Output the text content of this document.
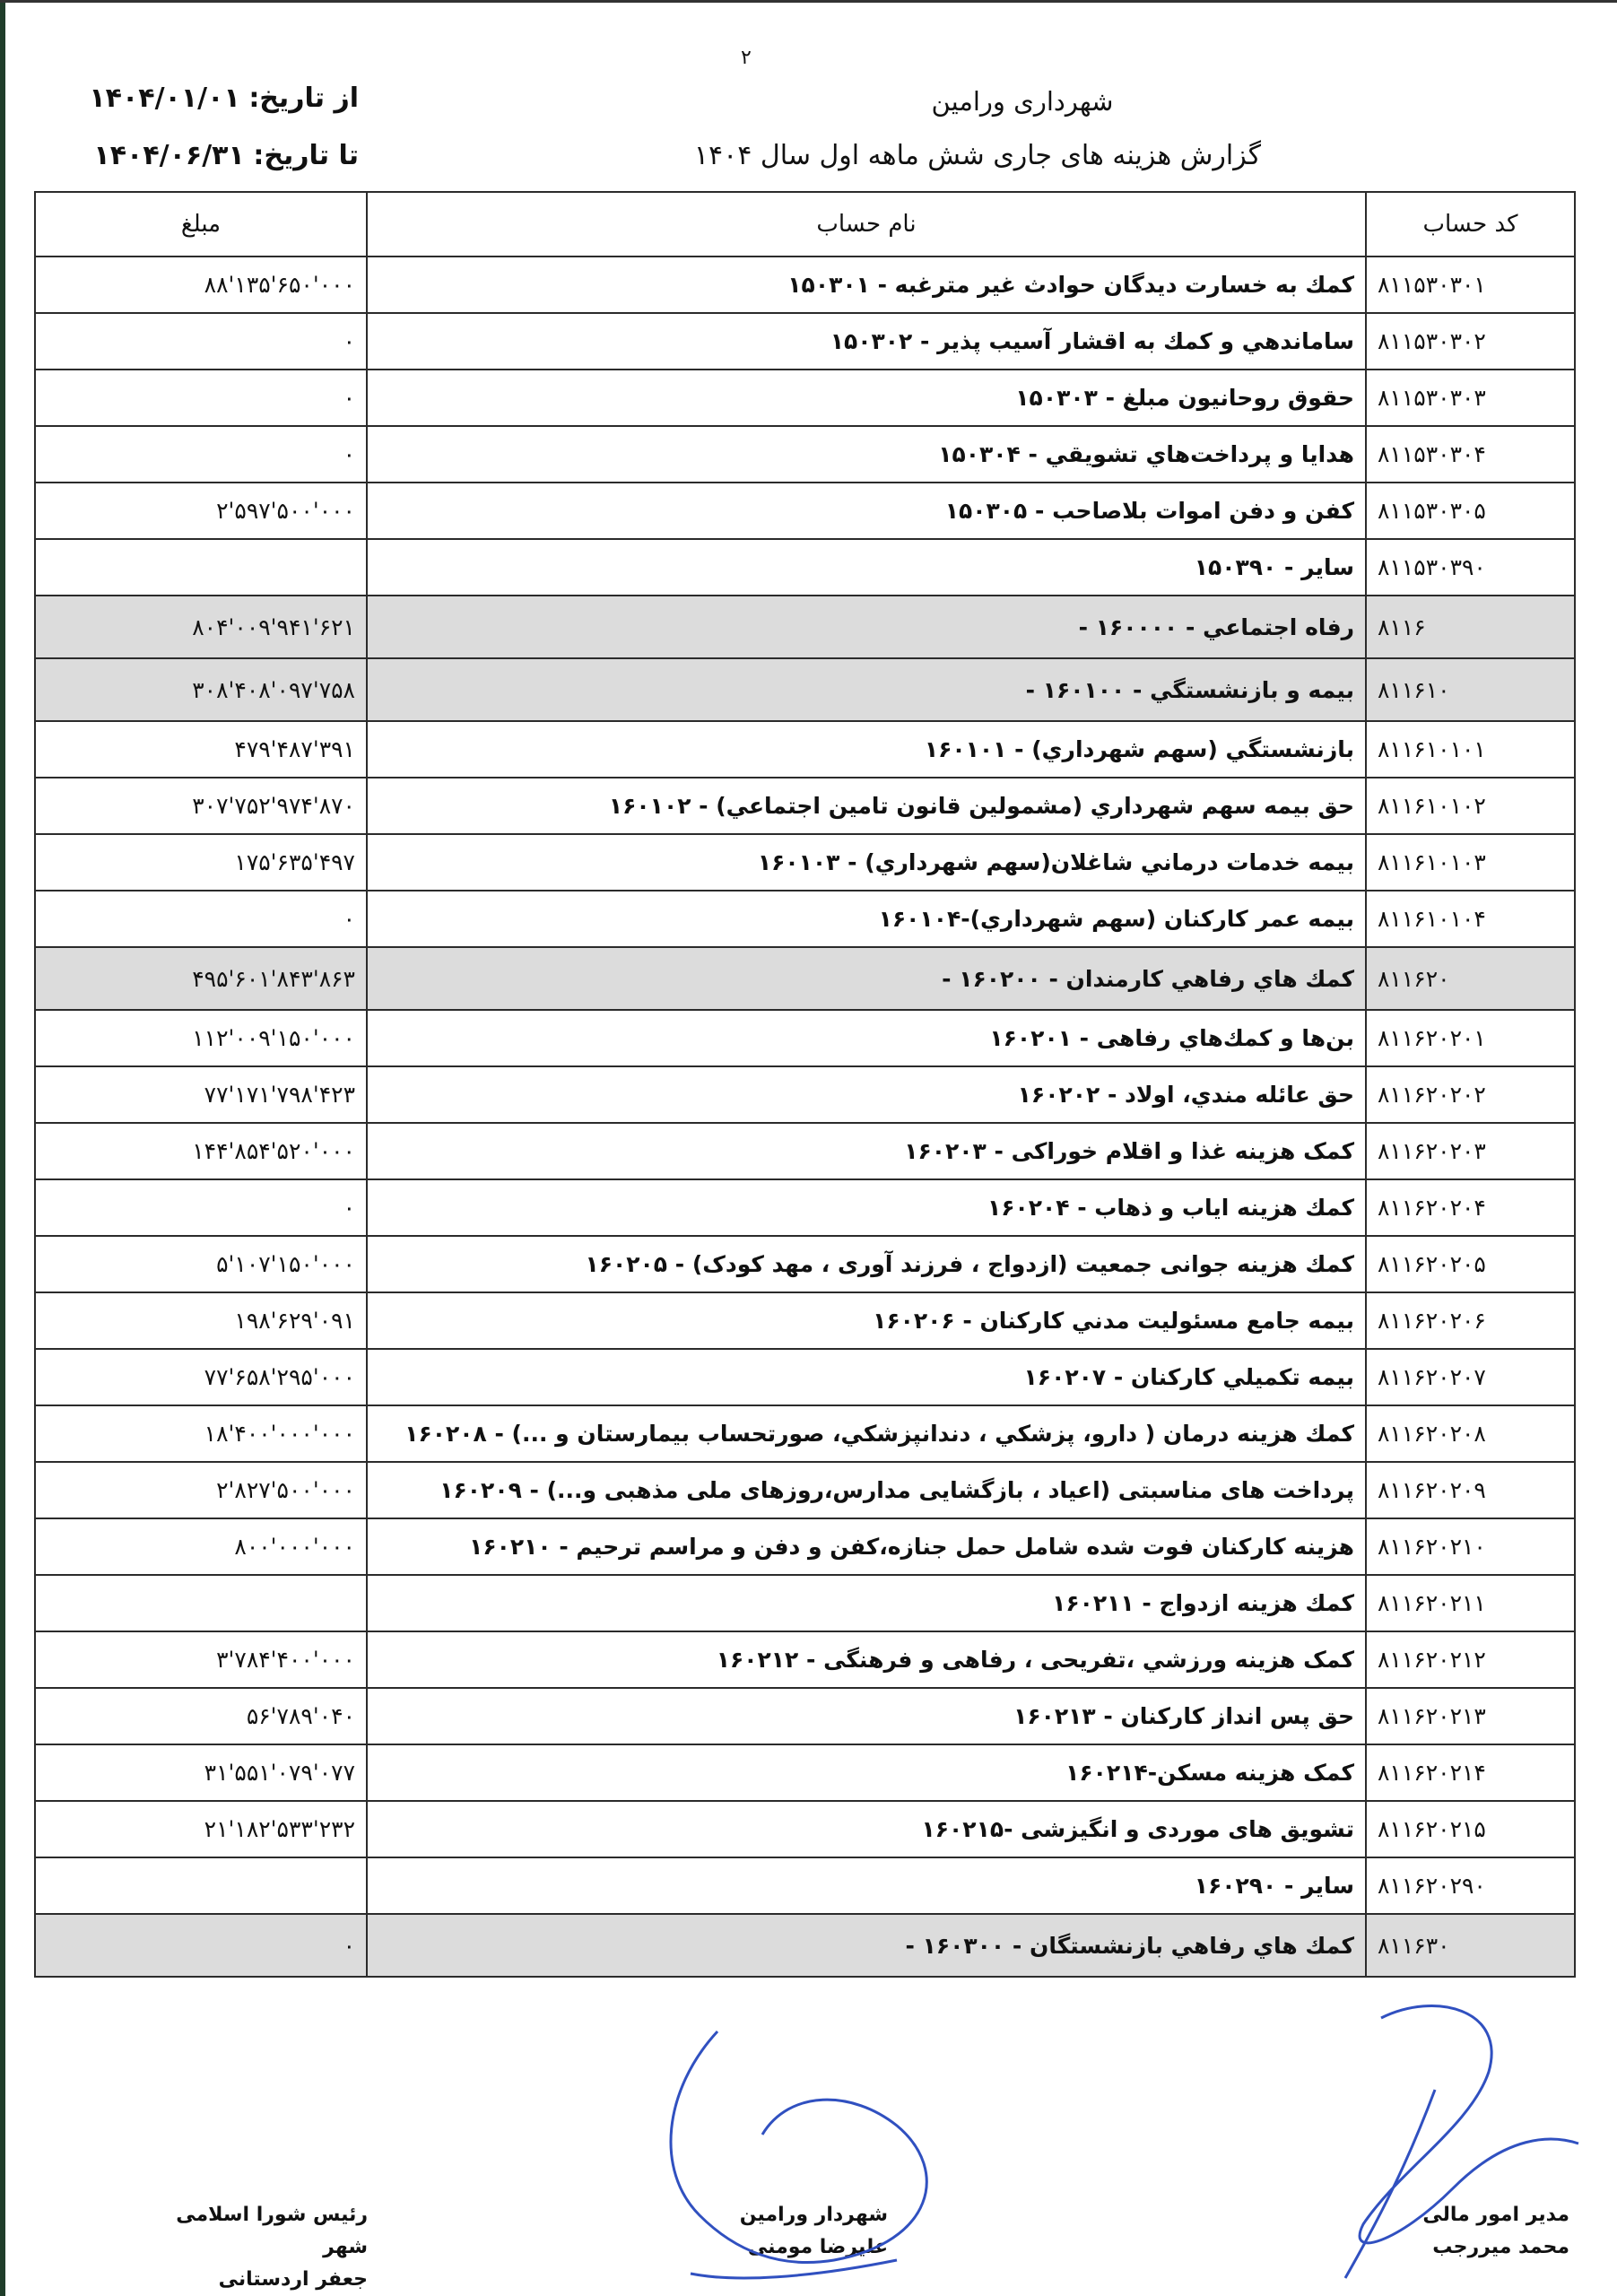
۲
شهرداری ورامین
گزارش هزینه های جاری شش ماهه اول سال ۱۴۰۴
از تاریخ: ۱۴۰۴/۰۱/۰۱
تا تاریخ: ۱۴۰۴/۰۶/۳۱
کد حساب	نام حساب	مبلغ
۸۱۱۵۳۰۳۰۱	کمك به خسارت ديدگان حوادث غير مترغبه - ۱۵۰۳۰۱	۸۸'۱۳۵'۶۵۰'۰۰۰
۸۱۱۵۳۰۳۰۲	ساماندهي و كمك به اقشار آسيب پذير - ۱۵۰۳۰۲	۰
۸۱۱۵۳۰۳۰۳	حقوق روحانيون مبلغ - ۱۵۰۳۰۳	۰
۸۱۱۵۳۰۳۰۴	هدايا و پرداخت‌هاي تشويقي - ۱۵۰۳۰۴	۰
۸۱۱۵۳۰۳۰۵	كفن و دفن اموات بلاصاحب - ۱۵۰۳۰۵	۲'۵۹۷'۵۰۰'۰۰۰
۸۱۱۵۳۰۳۹۰	ساير - ۱۵۰۳۹۰	
۸۱۱۶	رفاه اجتماعي - ۱۶۰۰۰۰ -	۸۰۴'۰۰۹'۹۴۱'۶۲۱
۸۱۱۶۱۰	بيمه و بازنشستگي - ۱۶۰۱۰۰ -	۳۰۸'۴۰۸'۰۹۷'۷۵۸
۸۱۱۶۱۰۱۰۱	بازنشستگي (سهم شهرداري) - ۱۶۰۱۰۱	۴۷۹'۴۸۷'۳۹۱
۸۱۱۶۱۰۱۰۲	حق بيمه سهم شهرداري (مشمولين قانون تامين اجتماعي) - ۱۶۰۱۰۲	۳۰۷'۷۵۲'۹۷۴'۸۷۰
۸۱۱۶۱۰۱۰۳	بيمه خدمات درماني شاغلان(سهم شهرداري) - ۱۶۰۱۰۳	۱۷۵'۶۳۵'۴۹۷
۸۱۱۶۱۰۱۰۴	بيمه عمر كاركنان (سهم شهرداري)-۱۶۰۱۰۴	۰
۸۱۱۶۲۰	كمك هاي رفاهي كارمندان - ۱۶۰۲۰۰ -	۴۹۵'۶۰۱'۸۴۳'۸۶۳
۸۱۱۶۲۰۲۰۱	بن‌ها و كمك‌هاي رفاهی - ۱۶۰۲۰۱	۱۱۲'۰۰۹'۱۵۰'۰۰۰
۸۱۱۶۲۰۲۰۲	حق عائله مندي، اولاد - ۱۶۰۲۰۲	۷۷'۱۷۱'۷۹۸'۴۲۳
۸۱۱۶۲۰۲۰۳	كمک هزينه غذا و اقلام خوراکی - ۱۶۰۲۰۳	۱۴۴'۸۵۴'۵۲۰'۰۰۰
۸۱۱۶۲۰۲۰۴	كمك هزينه اياب و ذهاب - ۱۶۰۲۰۴	۰
۸۱۱۶۲۰۲۰۵	كمك هزينه جوانی جمعيت (ازدواج ، فرزند آوری ، مهد كودک) - ۱۶۰۲۰۵	۵'۱۰۷'۱۵۰'۰۰۰
۸۱۱۶۲۰۲۰۶	بيمه جامع مسئوليت مدني كاركنان - ۱۶۰۲۰۶	۱۹۸'۶۲۹'۰۹۱
۸۱۱۶۲۰۲۰۷	بيمه تكميلي كاركنان - ۱۶۰۲۰۷	۷۷'۶۵۸'۲۹۵'۰۰۰
۸۱۱۶۲۰۲۰۸	كمك هزينه درمان ( دارو، پزشكي ، دندانپزشكي، صورتحساب بيمارستان و ...) - ۱۶۰۲۰۸	۱۸'۴۰۰'۰۰۰'۰۰۰
۸۱۱۶۲۰۲۰۹	پرداخت های مناسبتی (اعياد ، بازگشايی مدارس،روزهای ملی مذهبی و...) - ۱۶۰۲۰۹	۲'۸۲۷'۵۰۰'۰۰۰
۸۱۱۶۲۰۲۱۰	هزينه كاركنان فوت شده شامل حمل جنازه،كفن و دفن و مراسم ترحيم - ۱۶۰۲۱۰	۸۰۰'۰۰۰'۰۰۰
۸۱۱۶۲۰۲۱۱	كمك هزينه ازدواج - ۱۶۰۲۱۱	
۸۱۱۶۲۰۲۱۲	كمک هزينه ورزشي ،تفريحی ، رفاهی و فرهنگی - ۱۶۰۲۱۲	۳'۷۸۴'۴۰۰'۰۰۰
۸۱۱۶۲۰۲۱۳	حق پس انداز كاركنان - ۱۶۰۲۱۳	۵۶'۷۸۹'۰۴۰
۸۱۱۶۲۰۲۱۴	كمک هزينه مسكن-۱۶۰۲۱۴	۳۱'۵۵۱'۰۷۹'۰۷۷
۸۱۱۶۲۰۲۱۵	تشويق های موردی و انگيزشی -۱۶۰۲۱۵	۲۱'۱۸۲'۵۳۳'۲۳۲
۸۱۱۶۲۰۲۹۰	ساير - ۱۶۰۲۹۰	
۸۱۱۶۳۰	كمك هاي رفاهي بازنشستگان - ۱۶۰۳۰۰ -	۰
مدير امور مالی
محمد ميررجب
شهردار ورامين
عليرضا مومنی
رئيس شورا اسلامی شهر
جعفر اردستانی
